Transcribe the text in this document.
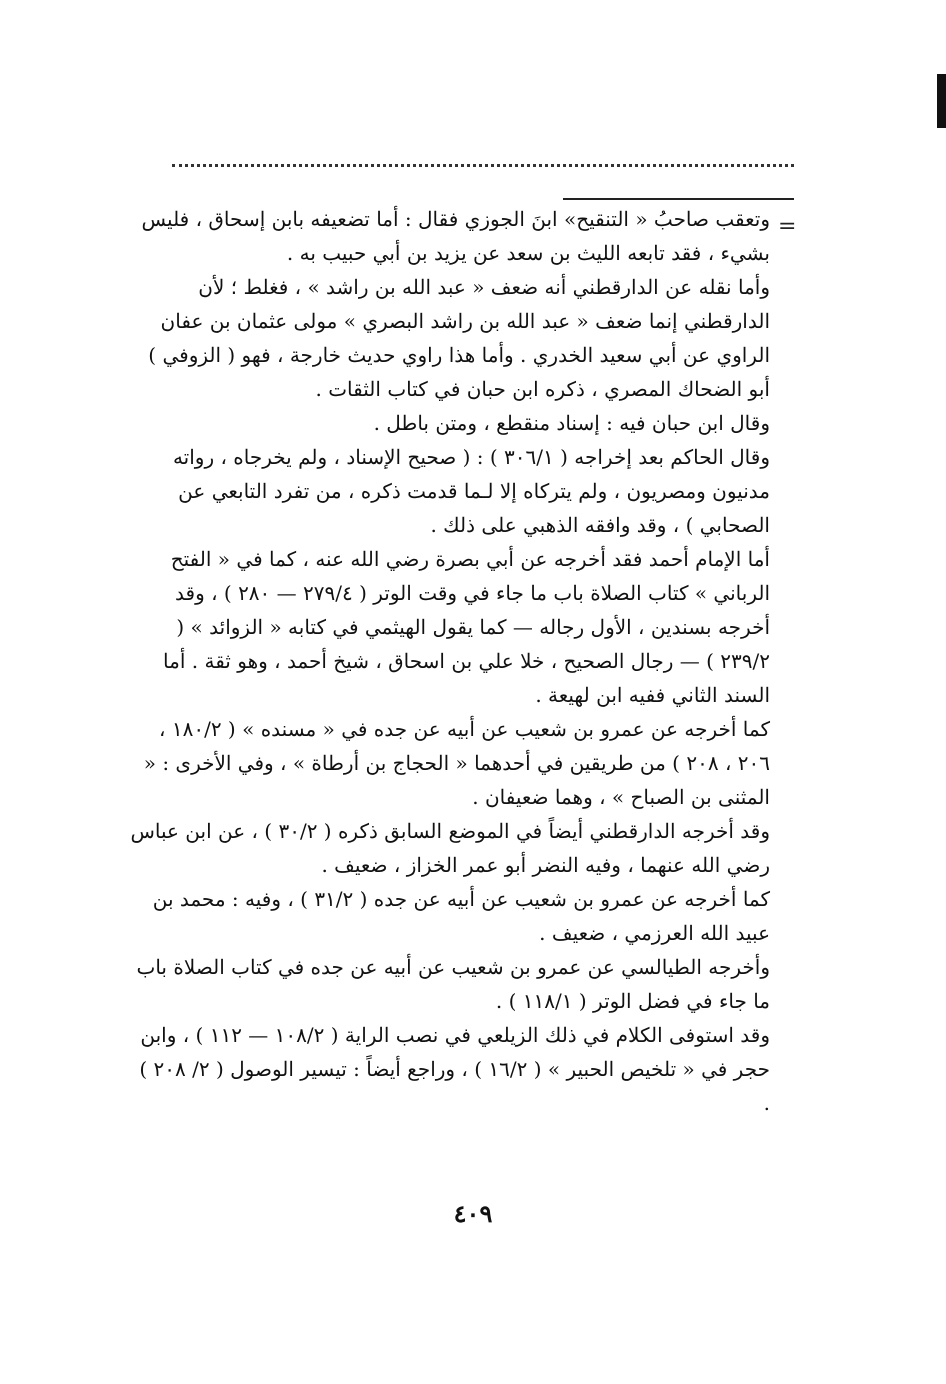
=

وتعقب صاحبُ « التنقيح» ابنَ الجوزي فقال : أما تضعيفه بابن إسحاق ، فليس بشيء ، فقد تابعه الليث بن سعد عن يزيد بن أبي حبيب به .

وأما نقله عن الدارقطني أنه ضعف « عبد الله بن راشد » ، فغلط ؛ لأن الدارقطني إنما ضعف « عبد الله بن راشد البصري » مولى عثمان بن عفان الراوي عن أبي سعيد الخدري . وأما هذا راوي حديث خارجة ، فهو ( الزوفي ) أبو الضحاك المصري ، ذكره ابن حبان في كتاب الثقات .

وقال ابن حبان فيه : إسناد منقطع ، ومتن باطل .

وقال الحاكم بعد إخراجه ( ٣٠٦/١ ) : ( صحيح الإسناد ، ولم يخرجاه ، رواته مدنيون ومصريون ، ولم يتركاه إلا لـما قدمت ذكره ، من تفرد التابعي عن الصحابي ) ، وقد وافقه الذهبي على ذلك .

أما الإمام أحمد فقد أخرجه عن أبي بصرة رضي الله عنه ، كما في « الفتح الرباني » كتاب الصلاة باب ما جاء في وقت الوتر ( ٢٧٩/٤ — ٢٨٠ ) ، وقد أخرجه بسندين ، الأول رجاله — كما يقول الهيثمي في كتابه « الزوائد » ( ٢٣٩/٢ ) — رجال الصحيح ، خلا علي بن اسحاق ، شيخ أحمد ، وهو ثقة . أما السند الثاني ففيه ابن لهيعة .

كما أخرجه عن عمرو بن شعيب عن أبيه عن جده في « مسنده » ( ١٨٠/٢ ، ٢٠٦ ، ٢٠٨ ) من طريقين في أحدهما « الحجاج بن أرطاة » ، وفي الأخرى : « المثنى بن الصباح » ، وهما ضعيفان .

وقد أخرجه الدارقطني أيضاً في الموضع السابق ذكره ( ٣٠/٢ ) ، عن ابن عباس رضي الله عنهما ، وفيه النضر أبو عمر الخزاز ، ضعيف .

كما أخرجه عن عمرو بن شعيب عن أبيه عن جده ( ٣١/٢ ) ، وفيه : محمد بن عبيد الله العرزمي ، ضعيف .

وأخرجه الطيالسي عن عمرو بن شعيب عن أبيه عن جده في كتاب الصلاة باب ما جاء في فضل الوتر ( ١١٨/١ ) .

وقد استوفى الكلام في ذلك الزيلعي في نصب الراية ( ١٠٨/٢ — ١١٢ ) ، وابن حجر في « تلخيص الحبير » ( ١٦/٢ ) ، وراجع أيضاً : تيسير الوصول ( ٢/ ٢٠٨ ) .

٤٠٩
